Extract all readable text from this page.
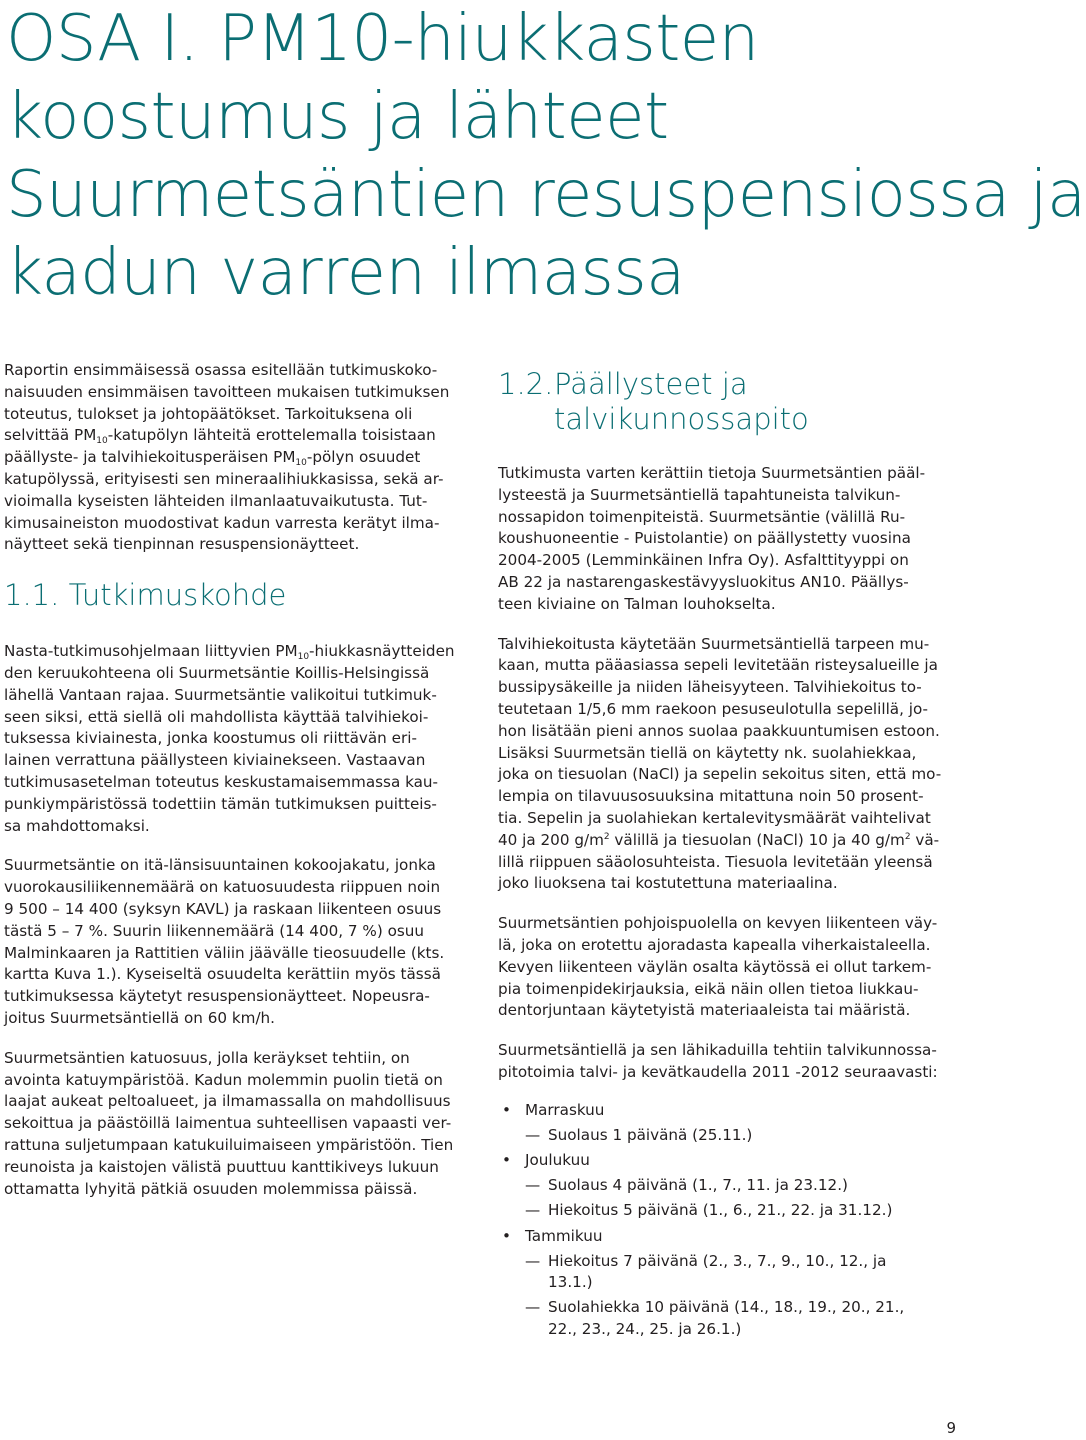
OSA I. PM10-hiukkasten
koostumus ja lähteet
Suurmetsäntien resuspensiossa ja
kadun varren ilmassa

Raportin ensimmäisessä osassa esitellään tutkimuskoko-
naisuuden ensimmäisen tavoitteen mukaisen tutkimuksen
toteutus, tulokset ja johtopäätökset. Tarkoituksena oli
selvittää $PM_{10}$-katupölyn lähteitä erottelemalla toisistaan
päällyste- ja talvihiekoitusperäisen $PM_{10}$-pölyn osuudet
katupölyssä, erityisesti sen mineraalihiukkasissa, sekä ar-
vioimalla kyseisten lähteiden ilmanlaatuvaikutusta. Tut-
kimusaineiston muodostivat kadun varresta kerätyt ilma-
näytteet sekä tienpinnan resuspensionäytteet.

1.1. Tutkimuskohde

Nasta-tutkimusohjelmaan liittyvien $PM_{10}$-hiukkasnäytteiden
den keruukohteena oli Suurmetsäntie Koillis-Helsingissä
lähellä Vantaan rajaa. Suurmetsäntie valikoitui tutkimuk-
seen siksi, että siellä oli mahdollista käyttää talvihiekoi-
tuksessa kiviainesta, jonka koostumus oli riittävän eri-
lainen verrattuna päällysteen kiviainekseen. Vastaavan
tutkimusasetelman toteutus keskustamaisemmassa kau-
punkiympäristössä todettiin tämän tutkimuksen puitteis-
sa mahdottomaksi.

Suurmetsäntie on itä-länsisuuntainen kokoojakatu, jonka
vuorokausiliikennemäärä on katuosuudesta riippuen noin
9 500 – 14 400 (syksyn KAVL) ja raskaan liikenteen osuus
tästä 5 – 7 %. Suurin liikennemäärä (14 400, 7 %) osuu
Malminkaaren ja Rattitien väliin jäävälle tieosuudelle (kts.
kartta Kuva 1.). Kyseiseltä osuudelta kerättiin myös tässä
tutkimuksessa käytetyt resuspensionäytteet. Nopeusra-
joitus Suurmetsäntiellä on 60 km/h.

Suurmetsäntien katuosuus, jolla keräykset tehtiin, on
avointa katuympäristöä. Kadun molemmin puolin tietä on
laajat aukeat peltoalueet, ja ilmamassalla on mahdollisuus
sekoittua ja päästöillä laimentua suhteellisen vapaasti ver-
rattuna suljetumpaan katukuiluimaiseen ympäristöön. Tien
reunoista ja kaistojen välistä puuttuu kanttikiveys lukuun
ottamatta lyhyitä pätkiä osuuden molemmissa päissä.

1.2. Päällysteet ja
talvikunnossapito

Tutkimusta varten kerättiin tietoja Suurmetsäntien pääl-
lysteestä ja Suurmetsäntiellä tapahtuneista talvikun-
nossapidon toimenpiteistä. Suurmetsäntie (välillä Ru-
koushuoneentie - Puistolantie) on päällystetty vuosina
2004-2005 (Lemminkäinen Infra Oy). Asfalttityyppi on
AB 22 ja nastarengaskestävyysluokitus AN10. Päällys-
teen kiviaine on Talman louhokselta.

Talvihiekoitusta käytetään Suurmetsäntiellä tarpeen mu-
kaan, mutta pääasiassa sepeli levitetään risteysalueille ja
bussipysäkeille ja niiden läheisyyteen. Talvihiekoitus to-
teutetaan 1/5,6 mm raekoon pesuseulotulla sepelillä, jo-
hon lisätään pieni annos suolaa paakkuuntumisen estoon.
Lisäksi Suurmetsän tiellä on käytetty nk. suolahiekkaa,
joka on tiesuolan (NaCl) ja sepelin sekoitus siten, että mo-
lempia on tilavuusosuuksina mitattuna noin 50 prosent-
tia. Sepelin ja suolahiekan kertalevitysmäärät vaihtelivat
40 ja 200 $g/m^2$ välillä ja tiesuolan (NaCl) 10 ja 40 $g/m^2$ vä-
lillä riippuen sääolosuhteista. Tiesuola levitetään yleensä
joko liuoksena tai kostutettuna materiaalina.

Suurmetsäntien pohjoispuolella on kevyen liikenteen väy-
lä, joka on erotettu ajoradasta kapealla viherkaistaleella.
Kevyen liikenteen väylän osalta käytössä ei ollut tarkem-
pia toimenpidekirjauksia, eikä näin ollen tietoa liukkau-
dentorjuntaan käytetyistä materiaaleista tai määristä.

Suurmetsäntiellä ja sen lähikaduilla tehtiin talvikunnossa-
pitotoimia talvi- ja kevätkaudella 2011 -2012 seuraavasti:

• Marraskuu
— Suolaus 1 päivänä (25.11.)
• Joulukuu
— Suolaus 4 päivänä (1., 7., 11. ja 23.12.)
— Hiekoitus 5 päivänä (1., 6., 21., 22. ja 31.12.)
• Tammikuu
— Hiekoitus 7 päivänä (2., 3., 7., 9., 10., 12., ja
13.1.)
— Suolahiekka 10 päivänä (14., 18., 19., 20., 21.,
22., 23., 24., 25. ja 26.1.)
9
